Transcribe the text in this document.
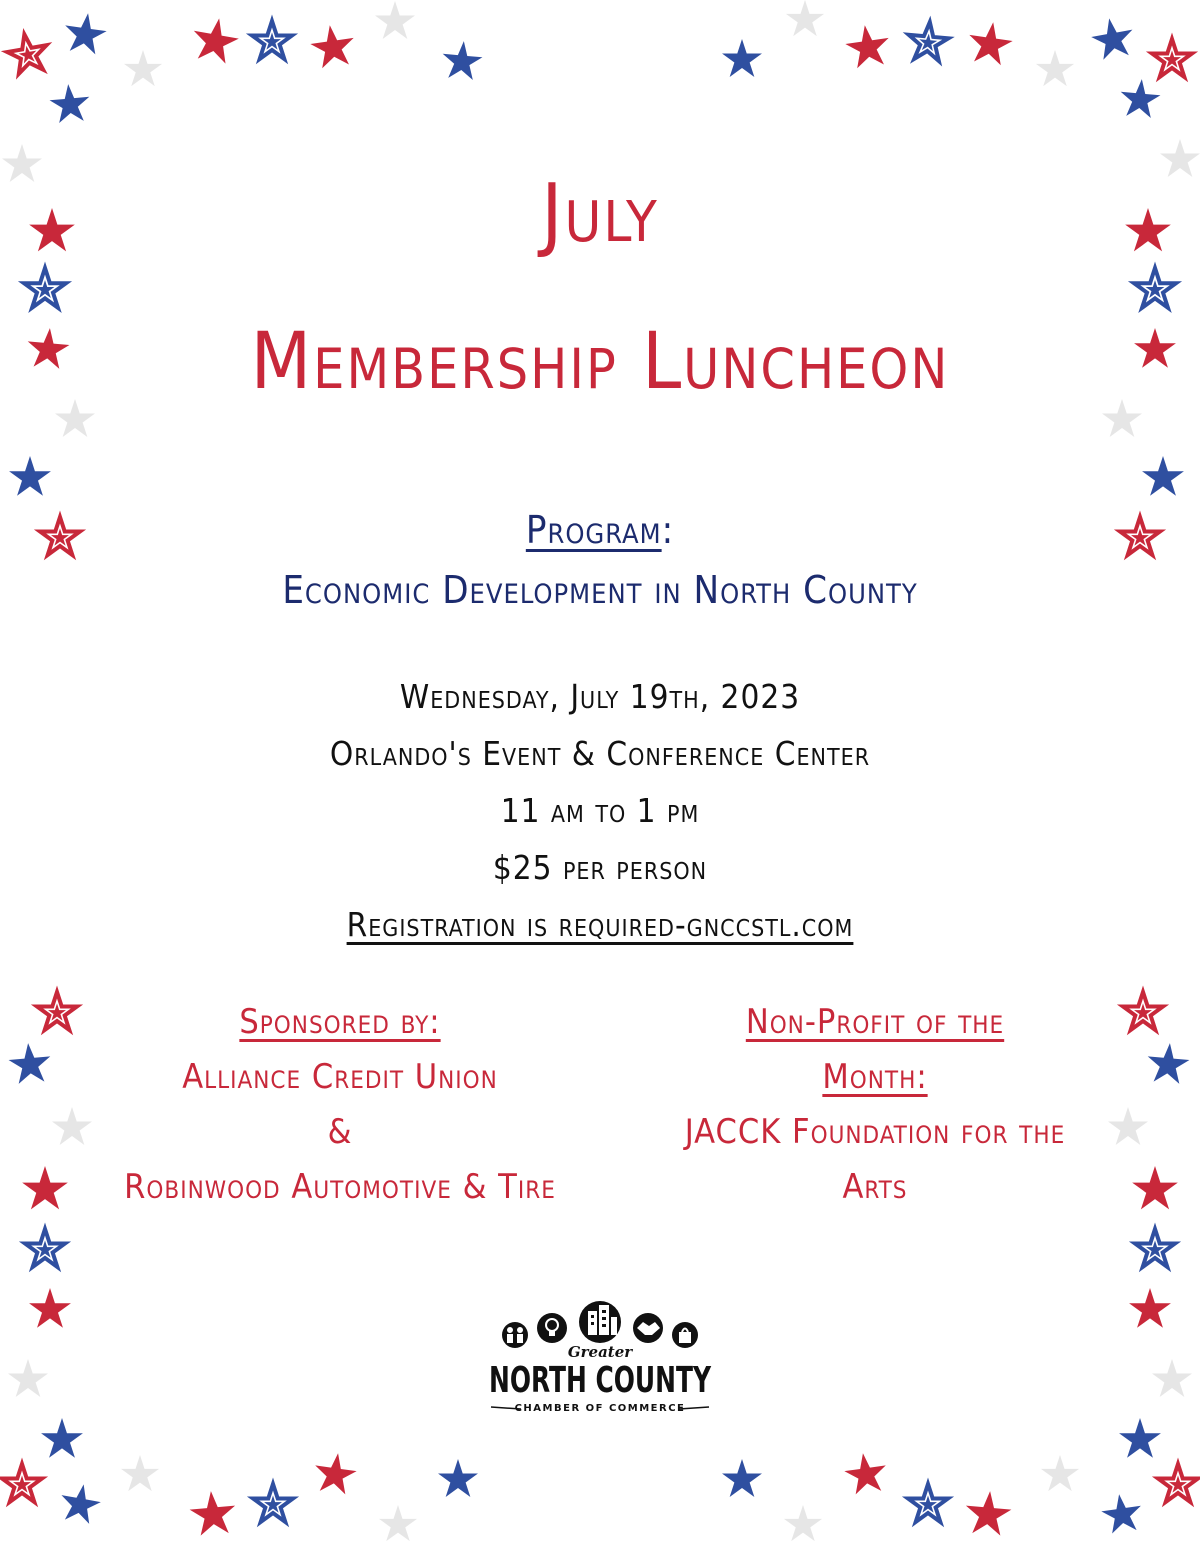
July
Membership Luncheon
Program:
Economic Development in North County
Wednesday, July 19th, 2023
Orlando's Event & Conference Center
11 am to 1 pm
$25 per person
Registration is required-gnccstl.com
Sponsored by:
Alliance Credit Union
&
Robinwood Automotive & Tire
Non-Profit of the
Month:
JACCK Foundation for the
Arts
Greater
NORTH COUNTY
CHAMBER OF COMMERCE
